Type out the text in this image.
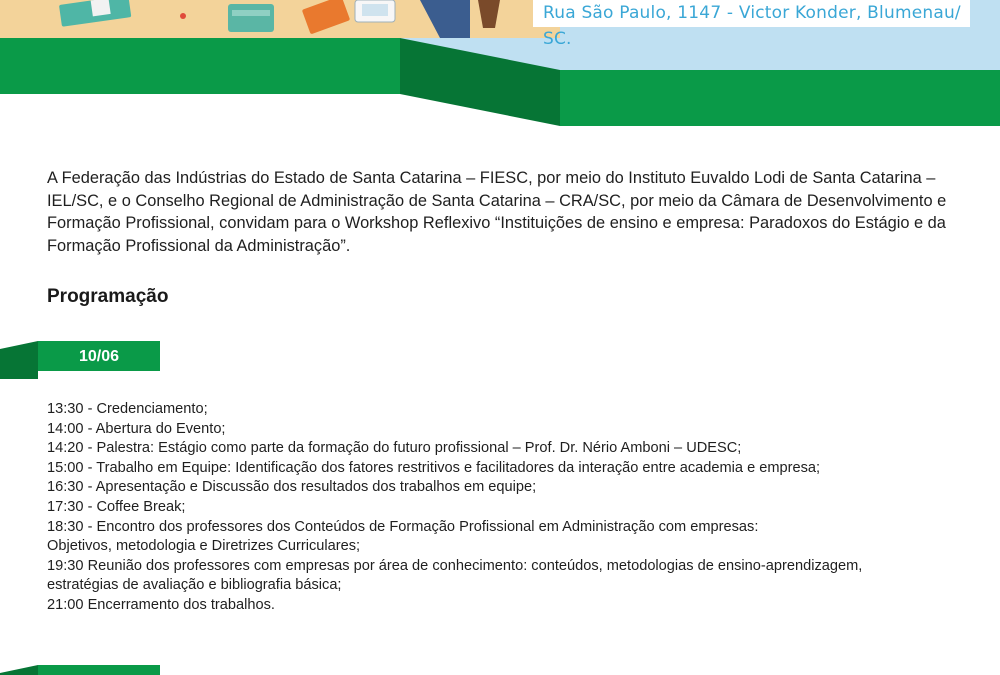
Rua São Paulo, 1147 - Victor Konder, Blumenau/ SC.

A Federação das Indústrias do Estado de Santa Catarina – FIESC, por meio do Instituto Euvaldo Lodi de Santa Catarina – IEL/SC, e o Conselho Regional de Administração de Santa Catarina – CRA/SC, por meio da Câmara de Desenvolvimento e Formação Profissional, convidam para o Workshop Reflexivo “Instituições de ensino e empresa: Paradoxos do Estágio e da Formação Profissional da Administração”.

Programação
10/06
13:30 - Credenciamento;
14:00 - Abertura do Evento;
14:20 - Palestra: Estágio como parte da formação do futuro profissional – Prof. Dr. Nério Amboni – UDESC;
15:00 - Trabalho em Equipe: Identificação dos fatores restritivos e facilitadores da interação entre academia e empresa;
16:30 - Apresentação e Discussão dos resultados dos trabalhos em equipe;
17:30 - Coffee Break;
18:30 - Encontro dos professores dos Conteúdos de Formação Profissional em Administração com empresas:
Objetivos, metodologia e Diretrizes Curriculares;
19:30 Reunião dos professores com empresas por área de conhecimento: conteúdos, metodologias de ensino-aprendizagem,
estratégias de avaliação e bibliografia básica;
21:00 Encerramento dos trabalhos.
